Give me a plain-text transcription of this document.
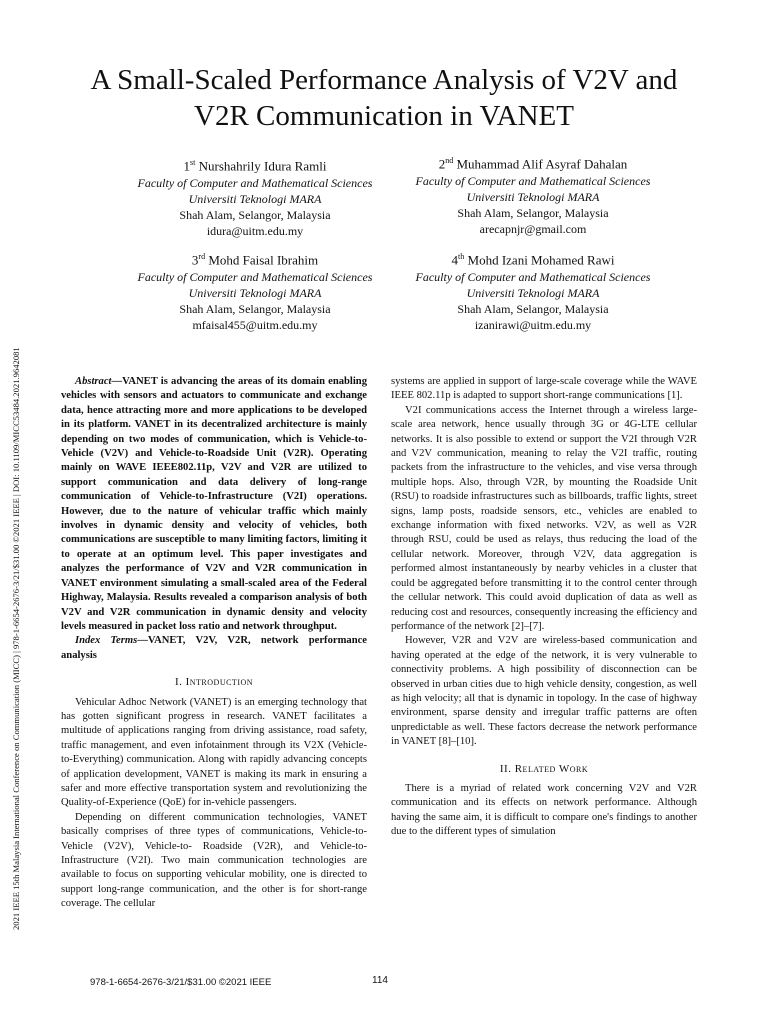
2021 IEEE 15th Malaysia International Conference on Communication (MICC) | 978-1-6654-2676-3/21/$31.00 ©2021 IEEE | DOI: 10.1109/MICC53484.2021.9642081
A Small-Scaled Performance Analysis of V2V and
V2R Communication in VANET
1st Nurshahrily Idura Ramli
Faculty of Computer and Mathematical Sciences
Universiti Teknologi MARA
Shah Alam, Selangor, Malaysia
idura@uitm.edu.my
2nd Muhammad Alif Asyraf Dahalan
Faculty of Computer and Mathematical Sciences
Universiti Teknologi MARA
Shah Alam, Selangor, Malaysia
arecapnjr@gmail.com
3rd Mohd Faisal Ibrahim
Faculty of Computer and Mathematical Sciences
Universiti Teknologi MARA
Shah Alam, Selangor, Malaysia
mfaisal455@uitm.edu.my
4th Mohd Izani Mohamed Rawi
Faculty of Computer and Mathematical Sciences
Universiti Teknologi MARA
Shah Alam, Selangor, Malaysia
izanirawi@uitm.edu.my

Abstract—VANET is advancing the areas of its domain enabling vehicles with sensors and actuators to communicate and exchange data, hence attracting more and more applications to be developed in its platform. VANET in its decentralized architecture is mainly depending on two modes of communication, which is Vehicle-to-Vehicle (V2V) and Vehicle-to-Roadside Unit (V2R). Operating mainly on WAVE IEEE802.11p, V2V and V2R are utilized to support communication and data delivery of long-range communication of Vehicle-to-Infrastructure (V2I) operations. However, due to the nature of vehicular traffic which mainly involves in dynamic density and velocity of vehicles, both communications are susceptible to many limiting factors, limiting it to operate at an optimum level. This paper investigates and analyzes the performance of V2V and V2R communication in VANET environment simulating a small-scaled area of the Federal Highway, Malaysia. Results revealed a comparison analysis of both V2V and V2R communication in dynamic density and velocity levels measured in packet loss ratio and network throughput.

Index Terms—VANET, V2V, V2R, network performance analysis

I. Introduction

Vehicular Adhoc Network (VANET) is an emerging technology that has gotten significant progress in research. VANET facilitates a multitude of applications ranging from driving assistance, road safety, traffic management, and even infotainment through its V2X (Vehicle-to-Everything) communication. Along with rapidly advancing concepts of application development, VANET is making its mark in ensuring a safer and more effective transportation system and revolutionizing the Quality-of-Experience (QoE) for in-vehicle passengers.

Depending on different communication technologies, VANET basically comprises of three types of communications, Vehicle-to-Vehicle (V2V), Vehicle-to- Roadside (V2R), and Vehicle-to-Infrastructure (V2I). Two main communication technologies are available to focus on supporting vehicular mobility, one is directed to support long-range communication, and the other is for short-range coverage. The cellular

systems are applied in support of large-scale coverage while the WAVE IEEE 802.11p is adapted to support short-range communications [1].

V2I communications access the Internet through a wireless large-scale area network, hence usually through 3G or 4G-LTE cellular networks. It is also possible to extend or support the V2I through V2R and V2V communication, meaning to relay the V2I traffic, routing packets from the infrastructure to the vehicles, and vise versa through multiple hops. Also, through V2R, by mounting the Roadside Unit (RSU) to roadside infrastructures such as billboards, traffic lights, street signs, lamp posts, roadside sensors, etc., vehicles are enabled to exchange information with fixed networks. V2V, as well as V2R through RSU, could be used as relays, thus reducing the load of the cellular network. Moreover, through V2V, data aggregation is performed almost instantaneously by nearby vehicles in a cluster that could be aggregated before transmitting it to the control center through the cellular network. This could avoid duplication of data as well as reducing cost and resources, consequently increasing the efficiency and performance of the network [2]–[7].

However, V2R and V2V are wireless-based communication and having operated at the edge of the network, it is very vulnerable to connectivity problems. A high possibility of disconnection can be observed in urban cities due to high vehicle density, congestion, as well as high velocity; all that is dynamic in topology. In the case of highway environment, sparse density and irregular traffic patterns are often unpredictable as well. These factors decrease the network performance in VANET [8]–[10].

II. Related Work

There is a myriad of related work concerning V2V and V2R communication and its effects on network performance. Although having the same aim, it is difficult to compare one's findings to another due to the different types of simulation

978-1-6654-2676-3/21/$31.00 ©2021 IEEE	114
